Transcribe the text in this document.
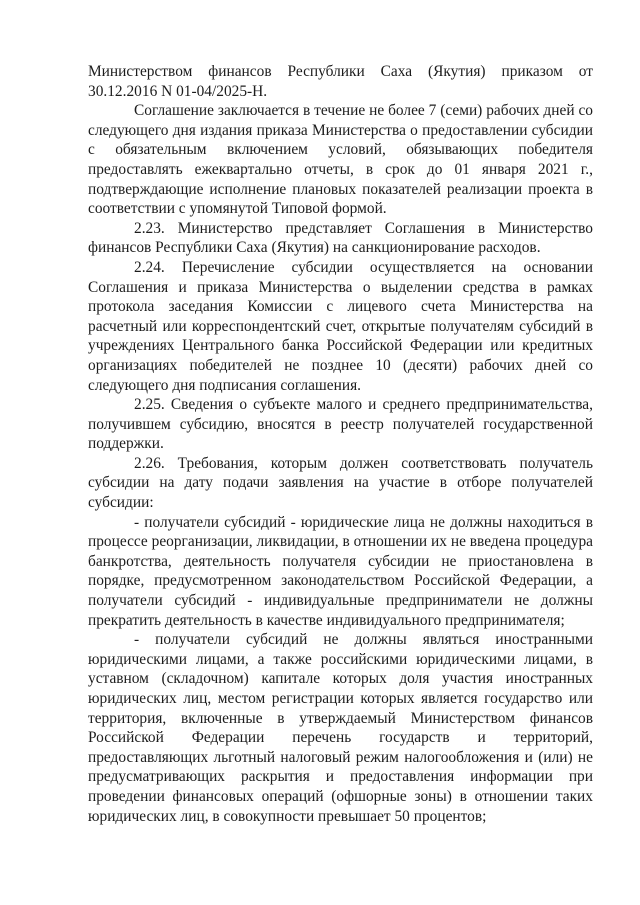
Министерством финансов Республики Саха (Якутия) приказом от 30.12.2016 N 01-04/2025-Н.

Соглашение заключается в течение не более 7 (семи) рабочих дней со следующего дня издания приказа Министерства о предоставлении субсидии с обязательным включением условий, обязывающих победителя предоставлять ежеквартально отчеты, в срок до 01 января 2021 г., подтверждающие исполнение плановых показателей реализации проекта в соответствии с упомянутой Типовой формой.

2.23. Министерство представляет Соглашения в Министерство финансов Республики Саха (Якутия) на санкционирование расходов.

2.24. Перечисление субсидии осуществляется на основании Соглашения и приказа Министерства о выделении средства в рамках протокола заседания Комиссии с лицевого счета Министерства на расчетный или корреспондентский счет, открытые получателям субсидий в учреждениях Центрального банка Российской Федерации или кредитных организациях победителей не позднее 10 (десяти) рабочих дней со следующего дня подписания соглашения.

2.25. Сведения о субъекте малого и среднего предпринимательства, получившем субсидию, вносятся в реестр получателей государственной поддержки.

2.26. Требования, которым должен соответствовать получатель субсидии на дату подачи заявления на участие в отборе получателей субсидии:

- получатели субсидий - юридические лица не должны находиться в процессе реорганизации, ликвидации, в отношении их не введена процедура банкротства, деятельность получателя субсидии не приостановлена в порядке, предусмотренном законодательством Российской Федерации, а получатели субсидий - индивидуальные предприниматели не должны прекратить деятельность в качестве индивидуального предпринимателя;

- получатели субсидий не должны являться иностранными юридическими лицами, а также российскими юридическими лицами, в уставном (складочном) капитале которых доля участия иностранных юридических лиц, местом регистрации которых является государство или территория, включенные в утверждаемый Министерством финансов Российской Федерации перечень государств и территорий, предоставляющих льготный налоговый режим налогообложения и (или) не предусматривающих раскрытия и предоставления информации при проведении финансовых операций (офшорные зоны) в отношении таких юридических лиц, в совокупности превышает 50 процентов;
